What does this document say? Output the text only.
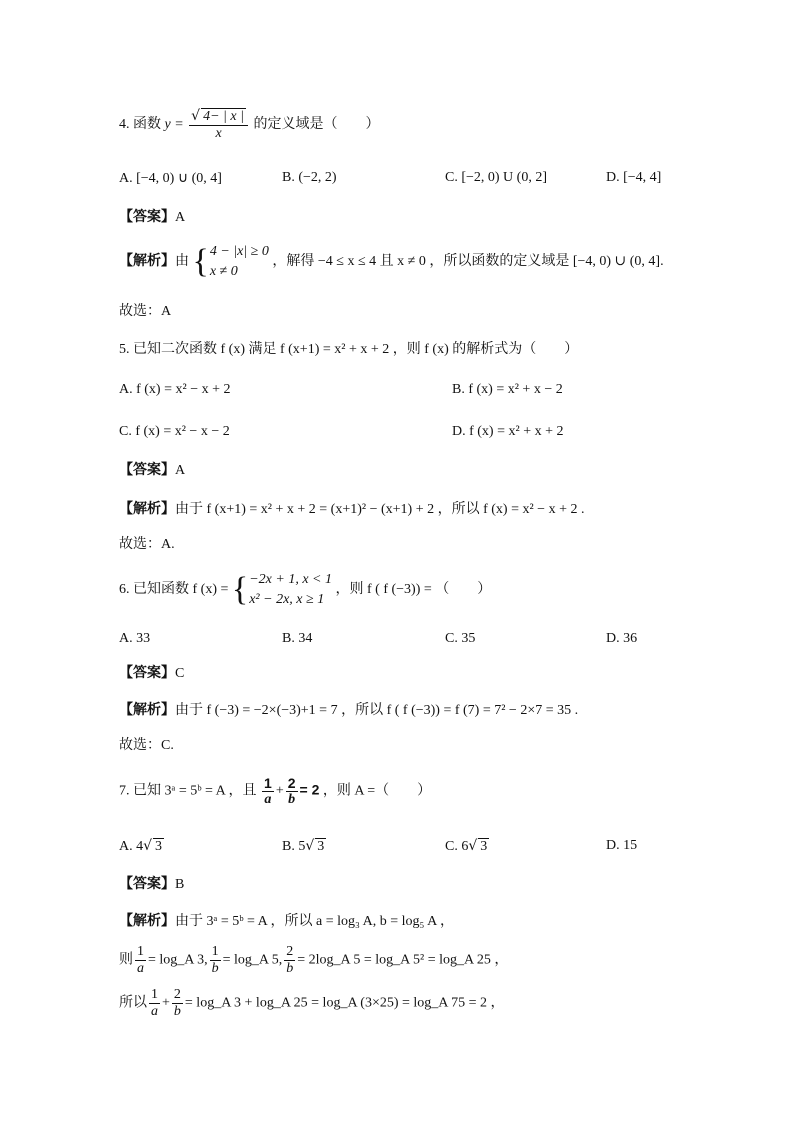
4. 函数 $y = \frac{√ 4- | x |}{x}$ 的定义域是（　　）
A. [−4, 0) ∪ (0, 4]	B. (−2, 2)	C. [−2, 0) U (0, 2]	D. [−4, 4]
【答案】A
【解析】由 { 4 − |x| ≥ 0
x ≠ 0
，解得 −4 ≤ x ≤ 4 且 x ≠ 0 ，所以函数的定义域是 [−4, 0) ∪ (0, 4].
故选：A
5. 已知二次函数 f (x) 满足 f (x+1) = x² + x + 2 ，则 f (x) 的解析式为（　　）
A. f (x) = x² − x + 2	B. f (x) = x² + x − 2
C. f (x) = x² − x − 2	D. f (x) = x² + x + 2
【答案】A
【解析】由于 f (x+1) = x² + x + 2 = (x+1)² − (x+1) + 2 ，所以 f (x) = x² − x + 2 .
故选：A.
6. 已知函数 f (x) = { −2x + 1, x < 1
x² − 2x, x ≥ 1
，则 f ( f (−3)) = （　　）
A. 33	B. 34	C. 35	D. 36
【答案】C
【解析】由于 f (−3) = −2×(−3)+1 = 7 ，所以 f ( f (−3)) = f (7) = 7² − 2×7 = 35 .
故选：C.
7. 已知 3ᵃ = 5ᵇ = A ，且 $\frac{1}{a} + \frac{2}{b} = 2$ ，则 A =（　　）
A. 4√ 3	B. 5√ 3	C. 6√ 3	D. 15
【答案】B
【解析】由于 3ᵃ = 5ᵇ = A ，所以 a = log₃ A, b = log₅ A ，
则 $\frac{1}{a}$ = log_A 3, $\frac{1}{b}$ = log_A 5, $\frac{2}{b}$ = 2log_A 5 = log_A 5² = log_A 25 ，
所以 $\frac{1}{a} + \frac{2}{b}$ = log_A 3 + log_A 25 = log_A (3×25) = log_A 75 = 2 ，
